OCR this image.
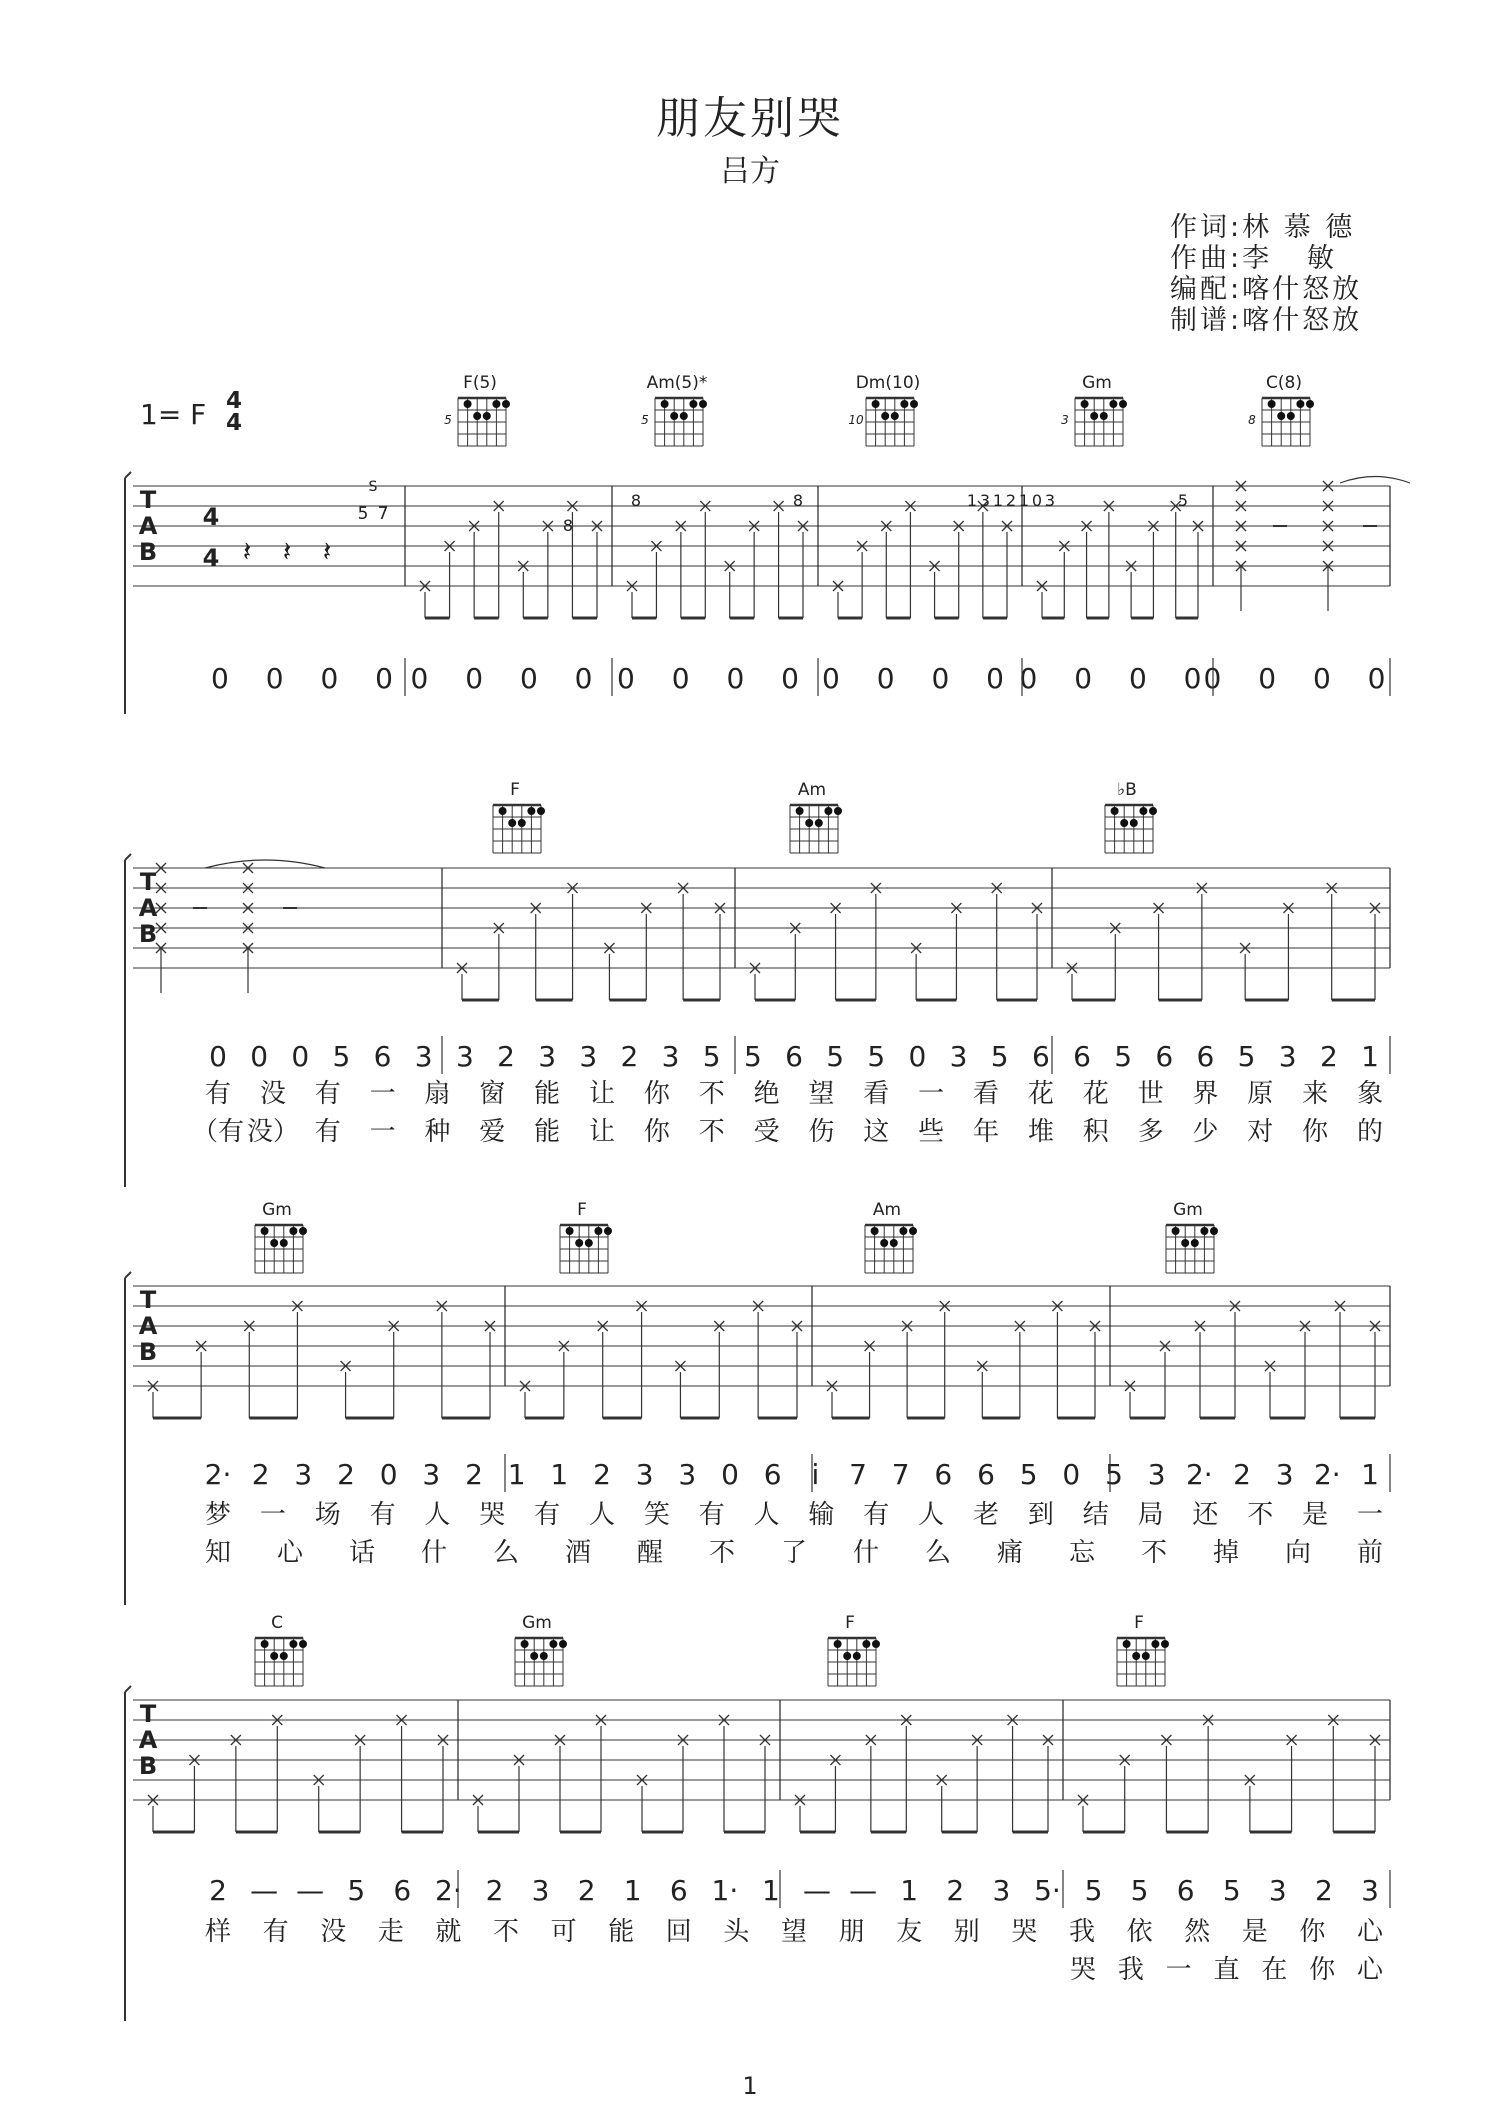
朋友别哭
吕方
作词:林 慕 德
作曲:李   敏
编配:喀什怒放
制谱:喀什怒放
1= F 4
4
1
T
A
B
4
4 𝄽 𝄽 𝄽
F(5)	Am(5)*	Dm(10)	Gm	C(8)
0 0 0 0 0 0 0 0 0 0 0 0 0 0 0 0 0 0 0 0
0 0 0 0
T
A
B
F	Am	♭B
0 0 0 5 6 3 3 2 3 3 2 3 5 5 6 5 5 0 3 5 6 6 5 6 6 5 3 2 1
有 没 有 一 扇 窗 能 让 你 不 绝 望 看 一 看 花 花 世 界 原 来 象
（有 没） 有 一 种 爱 能 让 你 不 受 伤 这 些 年 堆 积 多 少 对 你 的
T
A
B
Gm	F	Am	Gm
2· 2 3 2 0 3 2 1 1 2 3 3 0 6 i 7 7 6 6 5 0 5 3 2· 2 3 2· 1
梦 一 场 有 人 哭 有 人 笑 有 人 输 有 人 老 到 结 局 还 不 是 一
知 心 话 什 么 酒 醒 不 了 什 么 痛 忘 不 掉 向 前
T
A
B
C	Gm	F	F
2 — — 5 6 2· 2 3 2 1 6 1· 1 — — 1 2 3 5· 5 5 6 5 3 2 3
样 有 没 走 就 不 可 能 回 头 望 朋 友 别 哭 我 依 然 是 你 心
哭 我 一 直 在 你 心
5	5	10	3	8
S
5 7
8
8	8	5
1 3 1 2 1 0 3
